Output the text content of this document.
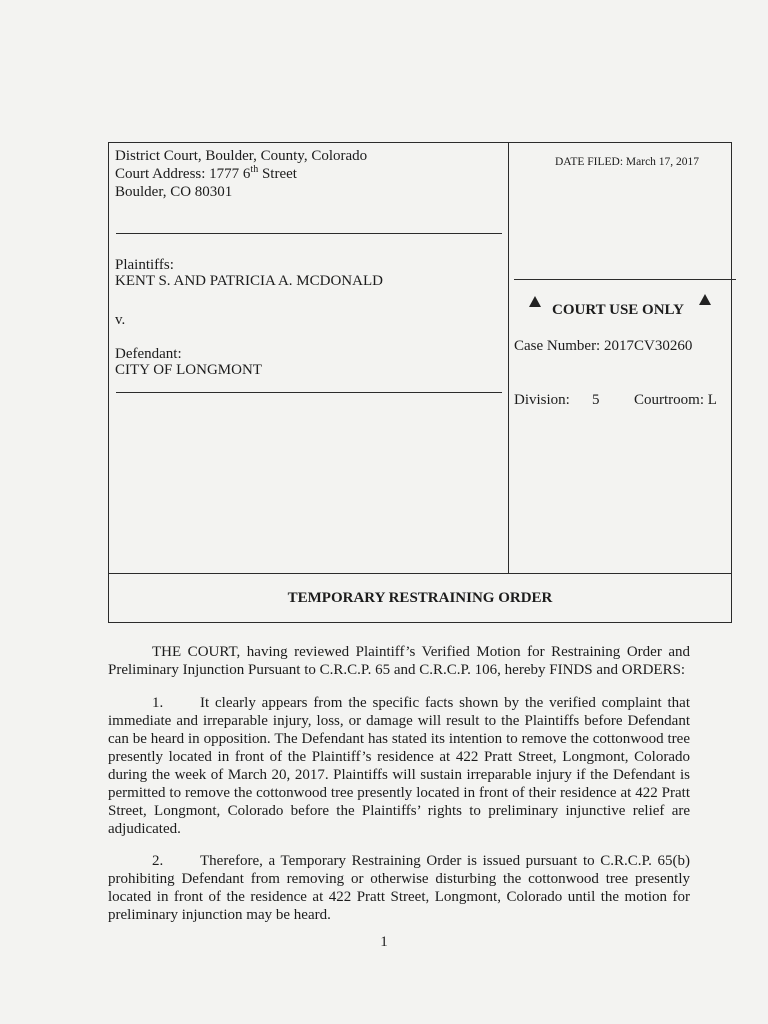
District Court, Boulder, County, Colorado
Court Address: 1777 6th Street
Boulder, CO 80301
Plaintiffs:
KENT S. AND PATRICIA A. MCDONALD
v.
Defendant:
CITY OF LONGMONT
DATE FILED: March 17, 2017
COURT USE ONLY
Case Number: 2017CV30260
Division: 5 Courtroom: L
TEMPORARY RESTRAINING ORDER

THE COURT, having reviewed Plaintiff’s Verified Motion for Restraining Order and Preliminary Injunction Pursuant to C.R.C.P. 65 and C.R.C.P. 106, hereby FINDS and ORDERS:

1. It clearly appears from the specific facts shown by the verified complaint that immediate and irreparable injury, loss, or damage will result to the Plaintiffs before Defendant can be heard in opposition. The Defendant has stated its intention to remove the cottonwood tree presently located in front of the Plaintiff’s residence at 422 Pratt Street, Longmont, Colorado during the week of March 20, 2017. Plaintiffs will sustain irreparable injury if the Defendant is permitted to remove the cottonwood tree presently located in front of their residence at 422 Pratt Street, Longmont, Colorado before the Plaintiffs’ rights to preliminary injunctive relief are adjudicated.

2. Therefore, a Temporary Restraining Order is issued pursuant to C.R.C.P. 65(b) prohibiting Defendant from removing or otherwise disturbing the cottonwood tree presently located in front of the residence at 422 Pratt Street, Longmont, Colorado until the motion for preliminary injunction may be heard.

1
